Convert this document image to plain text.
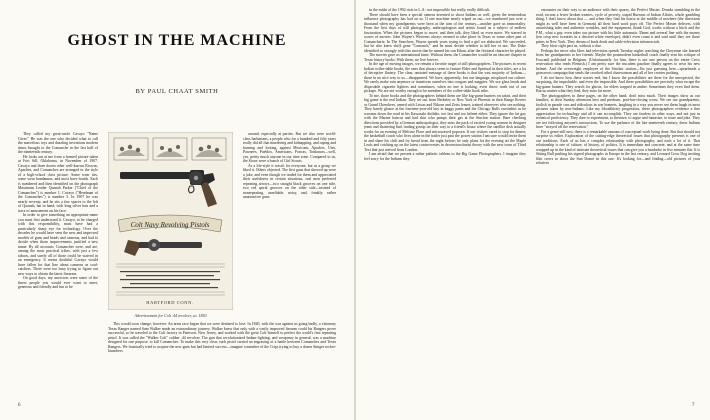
GHOST IN THE MACHINE

BY PAUL CHAAT SMITH

They called my great-uncle Cavayo "Name Giver." He was the one who decided what to call the marvelous toys and dazzling inventions modern times brought to the Comanche in the last half of the nineteenth century.

He looks out at me from a framed picture taken at Fort Sill, Oklahoma, in November of 1907. Cavayo and three dozen other well-known Kiowas, Apaches, and Comanches are arranged in the style of a high-school class picture. Some wear ties, some wear bandannas, and most have braids. Each is numbered and then identified on the photograph Maximum Leader Quanah Parker ("Chief of the Comanches") is number 1. Cavayo ("Headman of the Comanches") is number 5. In 1907 he was nearly seventy, and he sits a few spaces to the left of Quanah, hat in hand, with long silver hair and a trace of amusement on his face.

In order to give something an appropriate name you must first understand it. Cavayo, to be charged with this responsibility, must have had a particularly sharp eye for technology. Over the decades he would have seen the new and improved models of guns and beads and cameras, and had to decide when those improvements justified a new name. By all accounts, Comanches were, and are, among the most practical tribes, with just a few taboos, and surely all of those could be waived in an emergency. It seems doubtful Cavayo would have fallen for that line about cameras as soul-catchers. There were too busy trying to figure out new ways to obtain the latest firearms.

On good days, my ancestors were some of the finest people you would ever want to meet, generous and friendly and fun to be

around, especially at parties. But we also were world-class barbarians, a people who for a hundred and fifty years really did all that murdering and kidnapping, and raping and burning and looting, against Mexicans, Apaches, Utes, Pawnees, Pueblos, Americans, Poncas, Tonkawas—well, yes, pretty much anyone in our time zone. Compared to us, the Sioux were a bunch of Girl Scouts.

As a life-style it wasn't for everyone, but as a group we liked it. Others objected. The first guns that showed up were a joke, and even though we traded for them and appreciated their usefulness in certain situations, real men preferred repeating arrows—two straight black grooves on one side, two red spiral grooves on the other side—instead of nonrepeating, unreliable, noisy, and, frankly, rather unattractive guns.

This would soon change, however. An arms race began that we were destined to lose. In 1840, with the war against us going badly, a visionary Texas Ranger named Sam Walker made an extraordinary journey. Walker knew that only with a vastly improved firearm could his Rangers prove successful, so he traveled to the Colt factory in Paterson, New Jersey, and worked with the great Colt himself to perfect the world's first repeating pistol. It was called the "Walker Colt" caliber .44 revolver. The gun that revolutionized Indian-fighting, and weaponry in general, was a machine designed for one purpose: to kill Comanches. To make this very clear, each pistol carried an engraving of a battle between Comanches and Texas Rangers. We frantically tried to acquire the new guns but had limited success—imagine a member of the Crips trying to buy a dozen Stinger rocket-launchers

Colt Navy Revolving Pistols
HARTFORD CONN.

Advertisement for Colt .44 revolver, ca. 1850

6

in the midst of the 1992 riots in L.A.: not impossible but really, really difficult.

There should have been a special camera invented to shoot Indians as well, given the tremendous influence photography has had on us. If one machine nearly wiped us out—we numbered just over a thousand when my grandparents were born at the turn of the century—another gave us immortality. From the first days of still photography, anthropologists and artists found us a subject of endless fascination. When the pictures began to move, and then talk, they liked us even more. We starred in scores of movies. John Wayne's Westerns always seemed to take place in Texas or some other part of Comancheria. In The Searchers, Wayne spends years trying to find a girl we abducted. We succeeded, but he also knew she'd gone "Comanch," and he must decide whether to kill her or not. The Duke identified so strongly with this movie that he named his son Ethan, after the fictional character he played.

The movies gave us international fame. Without them, the Comanches would be an obscure chapter in Texas history books. With them, we live forever.

In the age of moving images, we remain a favorite target of still photographers. The pictures in recent Indian coffee-table books, the ones that always seem to feature Elder and Spiritual in their titles, are a lot of deceptive flattery. The clear, unstated message of these books is that the vast majority of Indians—those in no nice way to us—disappeared. We have, apparently, lost our language, misplaced our culture. We rarely make rain anymore or transform ourselves into cougars and magpies. We use glass beads and disposable cigarette lighters and sometimes, when no one is looking, even throw trash out of our pickups. We are not worthy enough to be members of the coffee-table book tribe.

To me, those books and the photographers behind them are like big-game hunters on safari, and their big game is the real Indian. They set out from Berkeley or New York or Phoenix in their Range Rovers or Grand Cherokees, armed with Leicas and Nikons and Zeiss lenses, trained observers who see nothing. They barely glance at the fourteen-year-old boy in baggy pants and the Chicago Bulls sweatshirt as he screams down the road in his Kawasaki dirtbike, too fast and too helmet either. They ignore the fat guy with the Marine haircut and bad skin who pumps their gas at the Sinclair station. Bare checking directions provided by a German anthropologist, they miss the pack of excited young women in designer jeans and shattering bad, trading gossip on their way to a friend's house where the satellite dish actually works for an evening of Melrose Place and microwaved popcorn. If our visitors cared to stop for dinner, the basketball coach who lives alone in the trailer just past the power station I am sure would invite them in and share his chili and fry bread from the night before; he only plans for the evening art the Maple Leafs and catching up on the latest controversies in deconstructionist theory with the new issue of Third Text that just arrived from London.

I am afraid that we present a rather pathetic tableau to the Big Game Photographers. I imagine they feel sorry for the Indians they

encounter on their way to an audience with their quarry, the Perfect Master. Drunks stumbling in the road, racoon a fewer broken treaties, cycle of poverty, stupid Bureaus of Indian Affairs, whole gambling thing, I don't know about that — and when they find his house at the middle of nowhere (the directions might as well have been in German) all their hard work pays off. The Perfect Master delivers, with astonishing tales and authentic wrinkles, and the equipment, thank God, works without a hitch and the P.M., what a guy, even takes our picture with his little automatic 35mm and several line with the money (ten crisp new twenties in a discreet white envelope), didn't even count it and said until they see those prints in New York. They dream of book deals and cable-television infomercials.

They blow right past us, without a clue.

Perhaps the niece who likes bad television spends Tuesday nights watching the Cheyenne she learned from her grandparents to her friends. Maybe the postmodern basketball coach finally sent his critique of Foucault published in Belgium. (Unfortunately for him, there is not one person on the entire Crow reservation who reads Flemish.) I am pretty sure the truculent gasoline finally agrees to wear his new helmet. And the overweight employee of the Sinclair station—I'm just guessing here—spearheads a grassroots campaign that sends the crooked tribal chairwoman and all of her cronies packing.

I do not know how these stories end, but I know the possibilities are there for the unexpected, the surprising, the improbable, and even the impossible. And these possibilities are precisely what escape the big-game hunters. They search for ghosts, for elders trapped in amber. Sometimes they even find them. But no matter what they find, they miss far more.

The photographers in these pages, on the other hand, don't miss much. Their images show us our families, at their Sunday afternoon best and predawn, post-bar-closing worst. We see our grandparents, foolish in parade cars and ridiculous in war bonnets, laughing in a way you never see them laugh in most pictures taken by non-Indians. Like my bloodthirsty progenitors, these photographers evidence a fine appreciation for technology and all it can accomplish. They are fearless in other ways, and not just in technical proficiency. They dare to experiment, to theorize, to argue and fantasize, to tease and joke. They are not following anyone's instructions. To use the parlance of the late nineteenth century, these Indians have "strayed off the reservation."

For a genre still new, there is a remarkable amount of conceptual work being done. But that should not surprise us either. Exploration of the cutting-edge theoretical issues that photography presents is one of our traditions. Each of us has a complex relationship with photography, and each a lot of it. That relationship is one of culture, of history, of politics. It is immediate and concrete, and at the same time wrapped up in the kind of intricate theoretical issues that can give you a headache in five minutes flat. It is Sitting Bull pushing his signed photographs in Europe in the last century, and Leonard Crow Dog inviting film crews to shoot the Sun Dance in this one. It's looking for—and finding—old pictures of your relatives

7
